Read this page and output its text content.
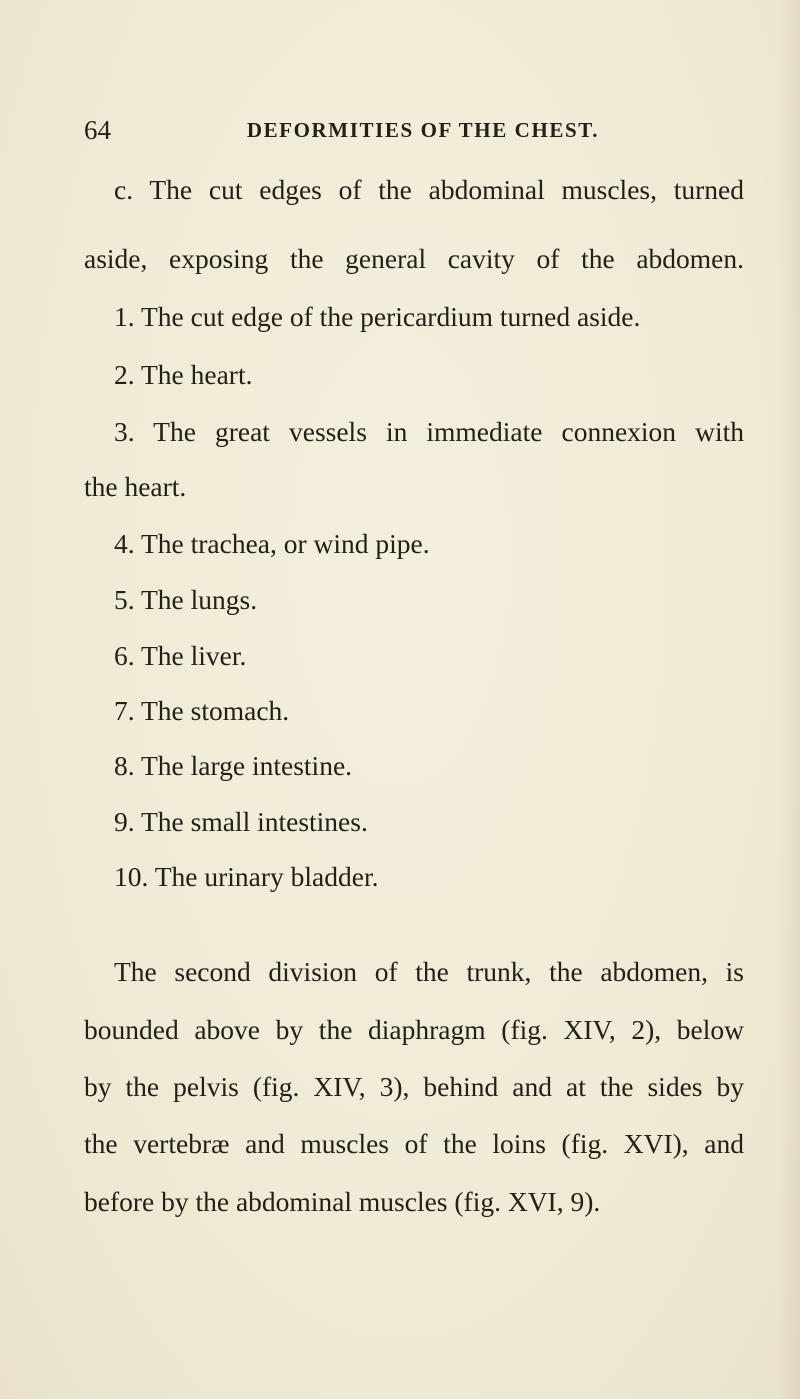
64	DEFORMITIES OF THE CHEST.

c. The cut edges of the abdominal muscles, turned

aside, exposing the general cavity of the abdomen.

1. The cut edge of the pericardium turned aside.

2. The heart.

3. The great vessels in immediate connexion with

the heart.

4. The trachea, or wind pipe.

5. The lungs.

6. The liver.

7. The stomach.

8. The large intestine.

9. The small intestines.

10. The urinary bladder.

The second division of the trunk, the abdomen, is

bounded above by the diaphragm (fig. XIV, 2), below

by the pelvis (fig. XIV, 3), behind and at the sides by

the vertebræ and muscles of the loins (fig. XVI), and

before by the abdominal muscles (fig. XVI, 9).
